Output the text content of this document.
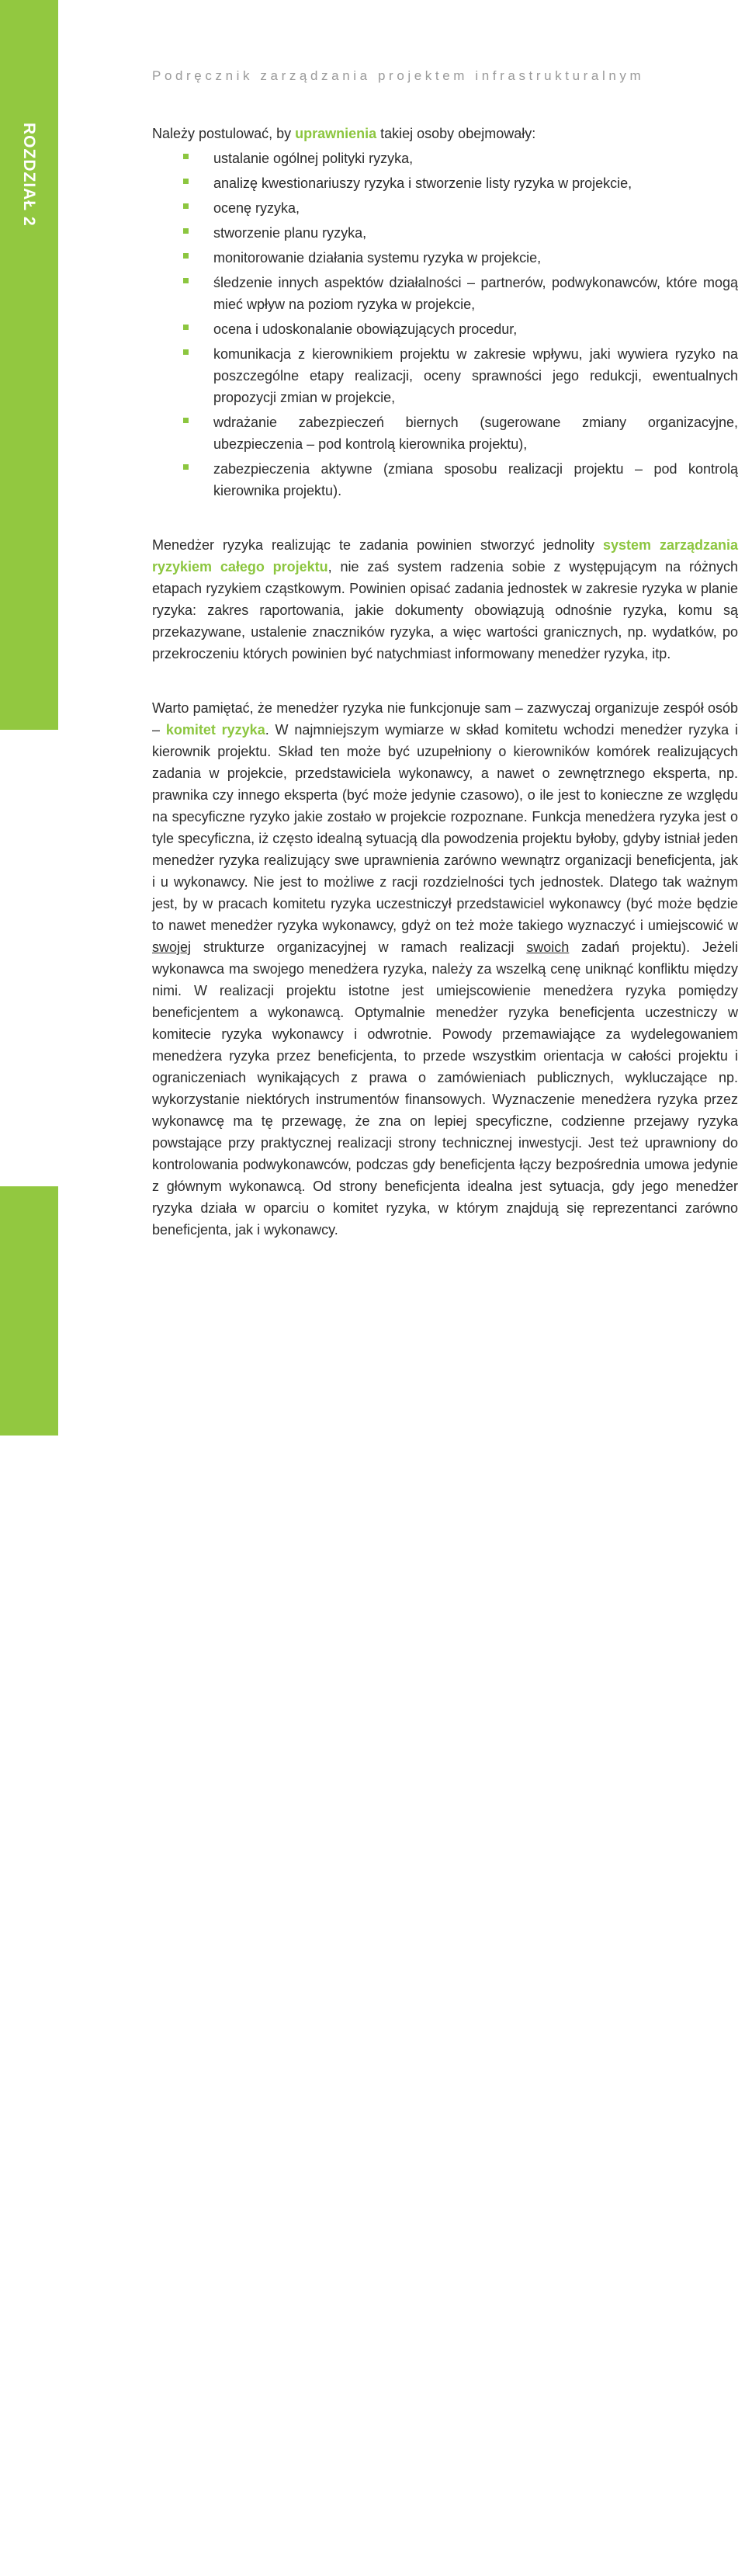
ROZDZIAŁ 2
Strona|46
Podręcznik zarządzania projektem infrastrukturalnym

Należy postulować, by uprawnienia takiej osoby obejmowały:

ustalanie ogólnej polityki ryzyka,
analizę kwestionariuszy ryzyka i stworzenie listy ryzyka w projekcie,
ocenę ryzyka,
stworzenie planu ryzyka,
monitorowanie działania systemu ryzyka w projekcie,
śledzenie innych aspektów działalności – partnerów, podwykonawców, które mogą mieć wpływ na poziom ryzyka w projekcie,
ocena i udoskonalanie obowiązujących procedur,
komunikacja z kierownikiem projektu w zakresie wpływu, jaki wywiera ryzyko na poszczególne etapy realizacji, oceny sprawności jego redukcji, ewentualnych propozycji zmian w projekcie,
wdrażanie zabezpieczeń biernych (sugerowane zmiany organizacyjne, ubezpieczenia – pod kontrolą kierownika projektu),
zabezpieczenia aktywne (zmiana sposobu realizacji projektu – pod kontrolą kierownika projektu).

Menedżer ryzyka realizując te zadania powinien stworzyć jednolity system zarządzania ryzykiem całego projektu, nie zaś system radzenia sobie z występującym na różnych etapach ryzykiem cząstkowym. Powinien opisać zadania jednostek w zakresie ryzyka w planie ryzyka: zakres raportowania, jakie dokumenty obowiązują odnośnie ryzyka, komu są przekazywane, ustalenie znaczników ryzyka, a więc wartości granicznych, np. wydatków, po przekroczeniu których powinien być natychmiast informowany menedżer ryzyka, itp.

Warto pamiętać, że menedżer ryzyka nie funkcjonuje sam – zazwyczaj organizuje zespół osób – komitet ryzyka. W najmniejszym wymiarze w skład komitetu wchodzi menedżer ryzyka i kierownik projektu. Skład ten może być uzupełniony o kierowników komórek realizujących zadania w projekcie, przedstawiciela wykonawcy, a nawet o zewnętrznego eksperta, np. prawnika czy innego eksperta (być może jedynie czasowo), o ile jest to konieczne ze względu na specyficzne ryzyko jakie zostało w projekcie rozpoznane. Funkcja menedżera ryzyka jest o tyle specyficzna, iż często idealną sytuacją dla powodzenia projektu byłoby, gdyby istniał jeden menedżer ryzyka realizujący swe uprawnienia zarówno wewnątrz organizacji beneficjenta, jak i u wykonawcy. Nie jest to możliwe z racji rozdzielności tych jednostek. Dlatego tak ważnym jest, by w pracach komitetu ryzyka uczestniczył przedstawiciel wykonawcy (być może będzie to nawet menedżer ryzyka wykonawcy, gdyż on też może takiego wyznaczyć i umiejscowić w swojej strukturze organizacyjnej w ramach realizacji swoich zadań projektu). Jeżeli wykonawca ma swojego menedżera ryzyka, należy za wszelką cenę uniknąć konfliktu między nimi. W realizacji projektu istotne jest umiejscowienie menedżera ryzyka pomiędzy beneficjentem a wykonawcą. Optymalnie menedżer ryzyka beneficjenta uczestniczy w komitecie ryzyka wykonawcy i odwrotnie. Powody przemawiające za wydelegowaniem menedżera ryzyka przez beneficjenta, to przede wszystkim orientacja w całości projektu i ograniczeniach wynikających z prawa o zamówieniach publicznych, wykluczające np. wykorzystanie niektórych instrumentów finansowych. Wyznaczenie menedżera ryzyka przez wykonawcę ma tę przewagę, że zna on lepiej specyficzne, codzienne przejawy ryzyka powstające przy praktycznej realizacji strony technicznej inwestycji. Jest też uprawniony do kontrolowania podwykonawców, podczas gdy beneficjenta łączy bezpośrednia umowa jedynie z głównym wykonawcą. Od strony beneficjenta idealna jest sytuacja, gdy jego menedżer ryzyka działa w oparciu o komitet ryzyka, w którym znajdują się reprezentanci zarówno beneficjenta, jak i wykonawcy.
